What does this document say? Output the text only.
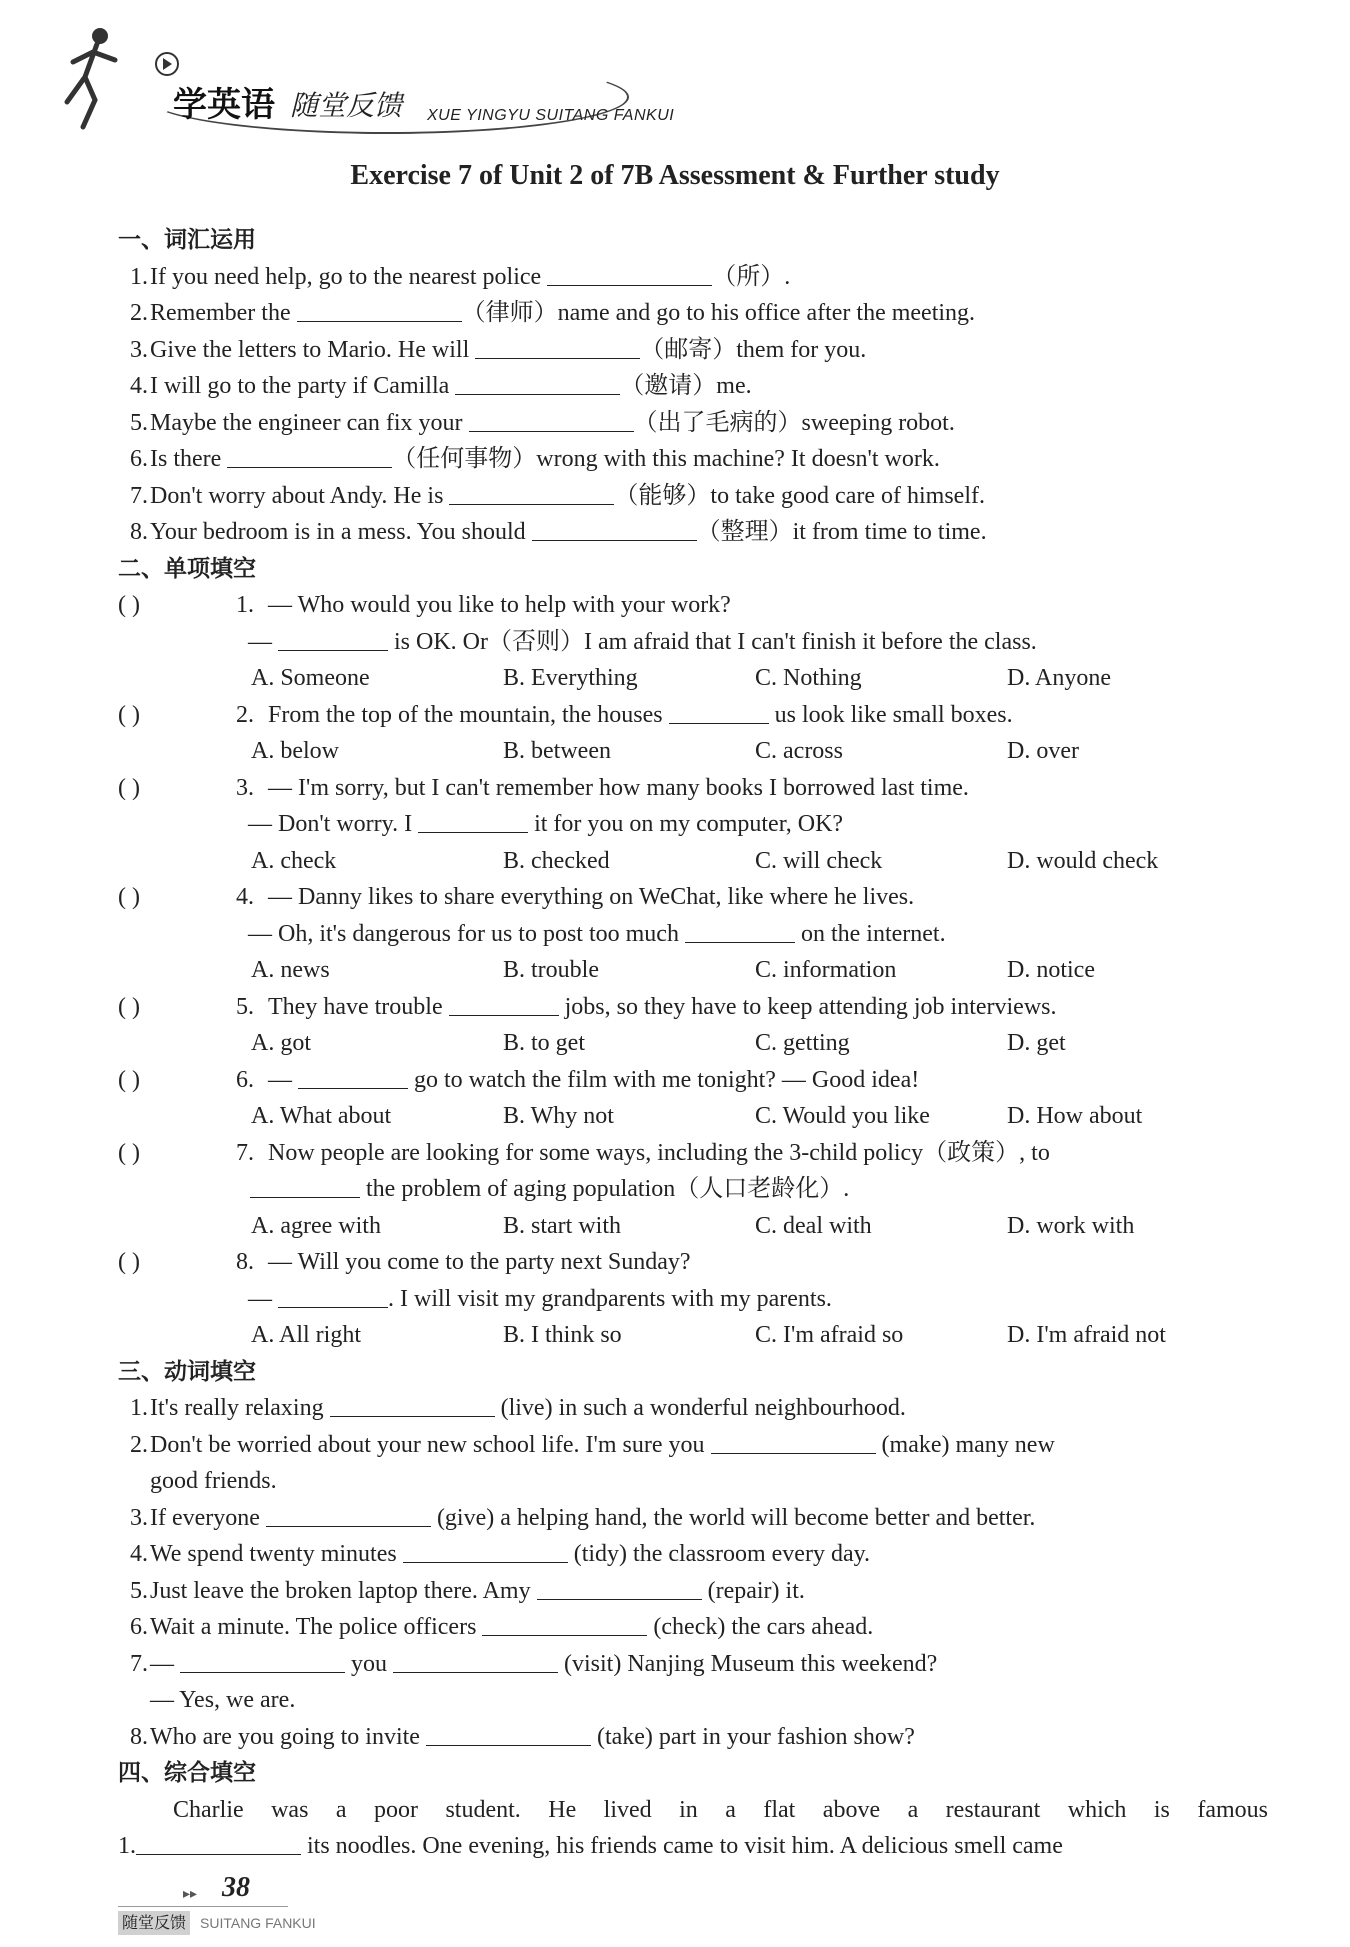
学英语 随堂反馈 XUE YINGYU SUITANG FANKUI
Exercise 7 of Unit 2 of 7B Assessment & Further study
一、词汇运用
1.If you need help, go to the nearest police	（所）.
2.Remember the	（律师）name and go to his office after the meeting.
3.Give the letters to Mario. He will	（邮寄）them for you.
4.I will go to the party if Camilla	（邀请）me.
5.Maybe the engineer can fix your	（出了毛病的）sweeping robot.
6.Is there	（任何事物）wrong with this machine? It doesn't work.
7.Don't worry about Andy. He is	（能够）to take good care of himself.
8.Your bedroom is in a mess. You should	（整理）it from time to time.
二、单项填空
( )	1. — Who would you like to help with your work?
—	is OK. Or（否则）I am afraid that I can't finish it before the class.
A. Someone	B. Everything	C. Nothing	D. Anyone
( )	2. From the top of the mountain, the houses	us look like small boxes.
A. below	B. between	C. across	D. over
( )	3. — I'm sorry, but I can't remember how many books I borrowed last time.
— Don't worry. I	it for you on my computer, OK?
A. check	B. checked	C. will check	D. would check
( )	4. — Danny likes to share everything on WeChat, like where he lives.
— Oh, it's dangerous for us to post too much	on the internet.
A. news	B. trouble	C. information	D. notice
( )	5. They have trouble	jobs, so they have to keep attending job interviews.
A. got	B. to get	C. getting	D. get
( )	6. —	go to watch the film with me tonight? — Good idea!
A. What about	B. Why not	C. Would you like	D. How about
( )	7. Now people are looking for some ways, including the 3-child policy（政策）, to
the problem of aging population（人口老龄化）.
A. agree with	B. start with	C. deal with	D. work with
( )	8. — Will you come to the party next Sunday?
—	. I will visit my grandparents with my parents.
A. All right	B. I think so	C. I'm afraid so	D. I'm afraid not
三、动词填空
1.It's really relaxing	(live) in such a wonderful neighbourhood.
2.Don't be worried about your new school life. I'm sure you	(make) many new
good friends.
3.If everyone	(give) a helping hand, the world will become better and better.
4.We spend twenty minutes	(tidy) the classroom every day.
5.Just leave the broken laptop there. Amy	(repair) it.
6.Wait a minute. The police officers	(check) the cars ahead.
7.—	you	(visit) Nanjing Museum this weekend?
— Yes, we are.
8.Who are you going to invite	(take) part in your fashion show?
四、综合填空
Charlie was a poor student. He lived in a flat above a restaurant which is famous
1.	its noodles. One evening, his friends came to visit him. A delicious smell came
▸▸ 38
随堂反馈 SUITANG FANKUI
